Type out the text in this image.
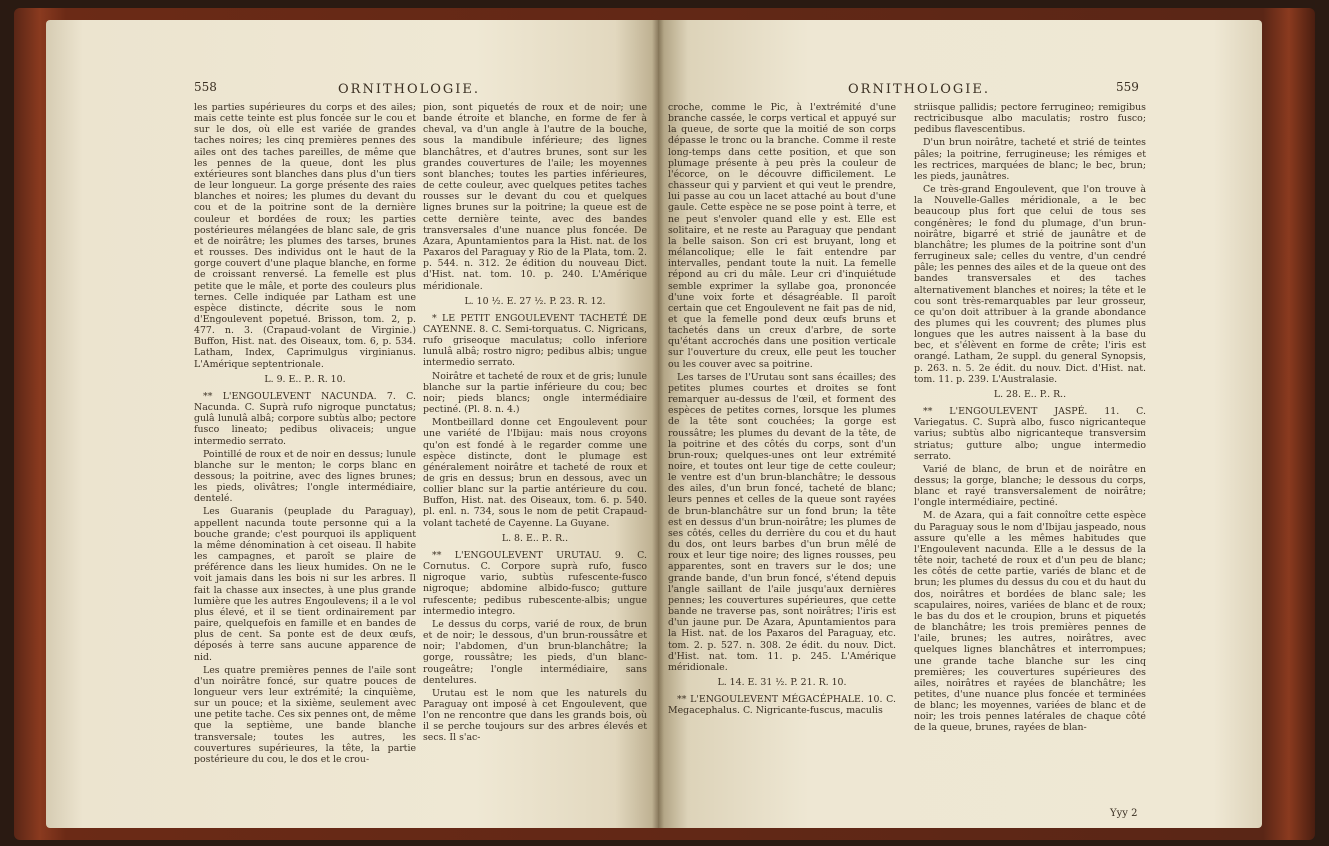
558	ORNITHOLOGIE.

les parties supérieures du corps et des ailes; mais cette teinte est plus foncée sur le cou et sur le dos, où elle est variée de grandes taches noires; les cinq premières pennes des ailes ont des taches pareilles, de même que les pennes de la queue, dont les plus extérieures sont blanches dans plus d'un tiers de leur longueur. La gorge présente des raies blanches et noires; les plumes du devant du cou et de la poitrine sont de la dernière couleur et bordées de roux; les parties postérieures mélangées de blanc sale, de gris et de noirâtre; les plumes des tarses, brunes et rousses. Des individus ont le haut de la gorge couvert d'une plaque blanche, en forme de croissant renversé. La femelle est plus petite que le mâle, et porte des couleurs plus ternes. Celle indiquée par Latham est une espèce distincte, décrite sous le nom d'Engoulevent popetué. Brisson, tom. 2, p. 477. n. 3. (Crapaud-volant de Virginie.) Buffon, Hist. nat. des Oiseaux, tom. 6, p. 534. Latham, Index, Caprimulgus virginianus. L'Amérique septentrionale.

L. 9. E.. P.. R. 10.

** L'ENGOULEVENT NACUNDA. 7. C. Nacunda. C. Suprà rufo nigroque punctatus; gulâ lunulâ albâ; corpore subtùs albo; pectore fusco lineato; pedibus olivaceis; ungue intermedio serrato.

Pointillé de roux et de noir en dessus; lunule blanche sur le menton; le corps blanc en dessous; la poitrine, avec des lignes brunes; les pieds, olivâtres; l'ongle intermédiaire, dentelé.

Les Guaranis (peuplade du Paraguay), appellent nacunda toute personne qui a la bouche grande; c'est pourquoi ils appliquent la même dénomination à cet oiseau. Il habite les campagnes, et paroît se plaire de préférence dans les lieux humides. On ne le voit jamais dans les bois ni sur les arbres. Il fait la chasse aux insectes, à une plus grande lumière que les autres Engoulevens; il a le vol plus élevé, et il se tient ordinairement par paire, quelquefois en famille et en bandes de plus de cent. Sa ponte est de deux œufs, déposés à terre sans aucune apparence de nid.

Les quatre premières pennes de l'aile sont d'un noirâtre foncé, sur quatre pouces de longueur vers leur extrémité; la cinquième, sur un pouce; et la sixième, seulement avec une petite tache. Ces six pennes ont, de même que la septième, une bande blanche transversale; toutes les autres, les couvertures supérieures, la tête, la partie postérieure du cou, le dos et le crou-

pion, sont piquetés de roux et de noir; une bande étroite et blanche, en forme de fer à cheval, va d'un angle à l'autre de la bouche, sous la mandibule inférieure; des lignes blanchâtres, et d'autres brunes, sont sur les grandes couvertures de l'aile; les moyennes sont blanches; toutes les parties inférieures, de cette couleur, avec quelques petites taches rousses sur le devant du cou et quelques lignes brunes sur la poitrine; la queue est de cette dernière teinte, avec des bandes transversales d'une nuance plus foncée. De Azara, Apuntamientos para la Hist. nat. de los Paxaros del Paraguay y Rio de la Plata, tom. 2. p. 544. n. 312. 2e édition du nouveau Dict. d'Hist. nat. tom. 10. p. 240. L'Amérique méridionale.

L. 10 ½. E. 27 ½. P. 23. R. 12.

* LE PETIT ENGOULEVENT TACHETÉ DE CAYENNE. 8. C. Semi-torquatus. C. Nigricans, rufo griseoque maculatus; collo inferiore lunulâ albâ; rostro nigro; pedibus albis; ungue intermedio serrato.

Noirâtre et tacheté de roux et de gris; lunule blanche sur la partie inférieure du cou; bec noir; pieds blancs; ongle intermédiaire pectiné. (Pl. 8. n. 4.)

Montbeillard donne cet Engoulevent pour une variété de l'Ibijau: mais nous croyons qu'on est fondé à le regarder comme une espèce distincte, dont le plumage est généralement noirâtre et tacheté de roux et de gris en dessus; brun en dessous, avec un collier blanc sur la partie antérieure du cou. Buffon, Hist. nat. des Oiseaux, tom. 6. p. 540. pl. enl. n. 734, sous le nom de petit Crapaud-volant tacheté de Cayenne. La Guyane.

L. 8. E.. P.. R..

** L'ENGOULEVENT URUTAU. 9. C. Cornutus. C. Corpore suprà rufo, fusco nigroque vario, subtùs rufescente-fusco nigroque; abdomine albido-fusco; gutture rufescente; pedibus rubescente-albis; ungue intermedio integro.

Le dessus du corps, varié de roux, de brun et de noir; le dessous, d'un brun-roussâtre et noir; l'abdomen, d'un brun-blanchâtre; la gorge, roussâtre; les pieds, d'un blanc-rougeâtre; l'ongle intermédiaire, sans dentelures.

Urutau est le nom que les naturels du Paraguay ont imposé à cet Engoulevent, que l'on ne rencontre que dans les grands bois, où il se perche toujours sur des arbres élevés et secs. Il s'ac-

ORNITHOLOGIE.	559

croche, comme le Pic, à l'extrémité d'une branche cassée, le corps vertical et appuyé sur la queue, de sorte que la moitié de son corps dépasse le tronc ou la branche. Comme il reste long-temps dans cette position, et que son plumage présente à peu près la couleur de l'écorce, on le découvre difficilement. Le chasseur qui y parvient et qui veut le prendre, lui passe au cou un lacet attaché au bout d'une gaule. Cette espèce ne se pose point à terre, et ne peut s'envoler quand elle y est. Elle est solitaire, et ne reste au Paraguay que pendant la belle saison. Son cri est bruyant, long et mélancolique; elle le fait entendre par intervalles, pendant toute la nuit. La femelle répond au cri du mâle. Leur cri d'inquiétude semble exprimer la syllabe goa, prononcée d'une voix forte et désagréable. Il paroît certain que cet Engoulevent ne fait pas de nid, et que la femelle pond deux œufs bruns et tachetés dans un creux d'arbre, de sorte qu'étant accrochés dans une position verticale sur l'ouverture du creux, elle peut les toucher ou les couver avec sa poitrine.

Les tarses de l'Urutau sont sans écailles; des petites plumes courtes et droites se font remarquer au-dessus de l'œil, et forment des espèces de petites cornes, lorsque les plumes de la tête sont couchées; la gorge est roussâtre; les plumes du devant de la tête, de la poitrine et des côtés du corps, sont d'un brun-roux; quelques-unes ont leur extrémité noire, et toutes ont leur tige de cette couleur; le ventre est d'un brun-blanchâtre; le dessous des ailes, d'un brun foncé, tacheté de blanc; leurs pennes et celles de la queue sont rayées de brun-blanchâtre sur un fond brun; la tête est en dessus d'un brun-noirâtre; les plumes de ses côtés, celles du derrière du cou et du haut du dos, ont leurs barbes d'un brun mêlé de roux et leur tige noire; des lignes rousses, peu apparentes, sont en travers sur le dos; une grande bande, d'un brun foncé, s'étend depuis l'angle saillant de l'aile jusqu'aux dernières pennes; les couvertures supérieures, que cette bande ne traverse pas, sont noirâtres; l'iris est d'un jaune pur. De Azara, Apuntamientos para la Hist. nat. de los Paxaros del Paraguay, etc. tom. 2. p. 527. n. 308. 2e édit. du nouv. Dict. d'Hist. nat. tom. 11. p. 245. L'Amérique méridionale.

L. 14. E. 31 ½. P. 21. R. 10.

** L'ENGOULEVENT MÉGACÉPHALE. 10. C. Megacephalus. C. Nigricante-fuscus, maculis

striisque pallidis; pectore ferrugineo; remigibus rectricibusque albo maculatis; rostro fusco; pedibus flavescentibus.

D'un brun noirâtre, tacheté et strié de teintes pâles; la poitrine, ferrugineuse; les rémiges et les rectrices, marquées de blanc; le bec, brun; les pieds, jaunâtres.

Ce très-grand Engoulevent, que l'on trouve à la Nouvelle-Galles méridionale, a le bec beaucoup plus fort que celui de tous ses congénères; le fond du plumage, d'un brun-noirâtre, bigarré et strié de jaunâtre et de blanchâtre; les plumes de la poitrine sont d'un ferrugineux sale; celles du ventre, d'un cendré pâle; les pennes des ailes et de la queue ont des bandes transversales et des taches alternativement blanches et noires; la tête et le cou sont très-remarquables par leur grosseur, ce qu'on doit attribuer à la grande abondance des plumes qui les couvrent; des plumes plus longues que les autres naissent à la base du bec, et s'élèvent en forme de crête; l'iris est orangé. Latham, 2e suppl. du general Synopsis, p. 263. n. 5. 2e édit. du nouv. Dict. d'Hist. nat. tom. 11. p. 239. L'Australasie.

L. 28. E.. P.. R..

** L'ENGOULEVENT JASPÉ. 11. C. Variegatus. C. Suprà albo, fusco nigricanteque varius; subtùs albo nigricanteque transversim striatus; gutture albo; ungue intermedio serrato.

Varié de blanc, de brun et de noirâtre en dessus; la gorge, blanche; le dessous du corps, blanc et rayé transversalement de noirâtre; l'ongle intermédiaire, pectiné.

M. de Azara, qui a fait connoître cette espèce du Paraguay sous le nom d'Ibijau jaspeado, nous assure qu'elle a les mêmes habitudes que l'Engoulevent nacunda. Elle a le dessus de la tête noir, tacheté de roux et d'un peu de blanc; les côtés de cette partie, variés de blanc et de brun; les plumes du dessus du cou et du haut du dos, noirâtres et bordées de blanc sale; les scapulaires, noires, variées de blanc et de roux; le bas du dos et le croupion, bruns et piquetés de blanchâtre; les trois premières pennes de l'aile, brunes; les autres, noirâtres, avec quelques lignes blanchâtres et interrompues; une grande tache blanche sur les cinq premières; les couvertures supérieures des ailes, noirâtres et rayées de blanchâtre; les petites, d'une nuance plus foncée et terminées de blanc; les moyennes, variées de blanc et de noir; les trois pennes latérales de chaque côté de la queue, brunes, rayées de blan-

Yyy 2
